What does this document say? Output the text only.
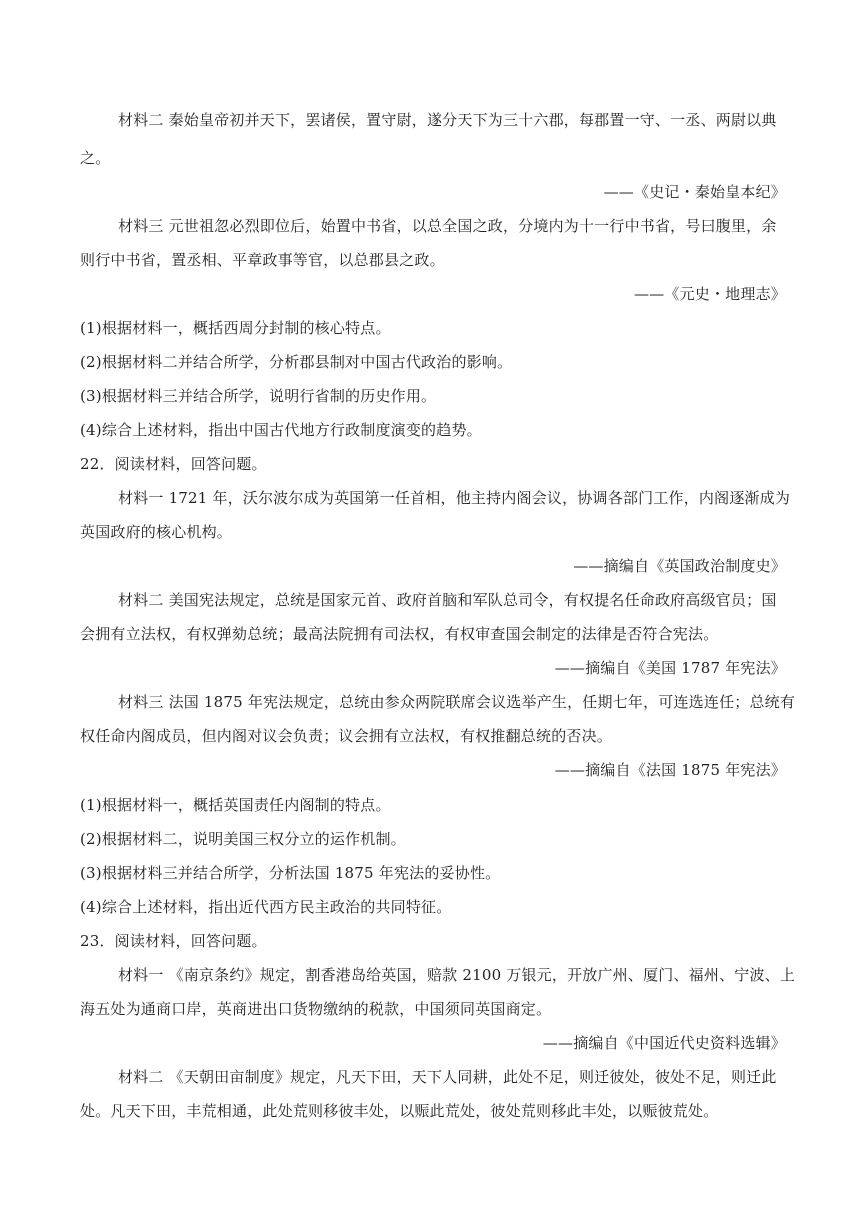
材料二 秦始皇帝初并天下，罢诸侯，置守尉，遂分天下为三十六郡，每郡置一守、一丞、两尉以典
之。
——《史记・秦始皇本纪》
材料三 元世祖忽必烈即位后，始置中书省，以总全国之政，分境内为十一行中书省，号曰腹里，余
则行中书省，置丞相、平章政事等官，以总郡县之政。
——《元史・地理志》
(1)根据材料一，概括西周分封制的核心特点。
(2)根据材料二并结合所学，分析郡县制对中国古代政治的影响。
(3)根据材料三并结合所学，说明行省制的历史作用。
(4)综合上述材料，指出中国古代地方行政制度演变的趋势。
22．阅读材料，回答问题。
材料一 1721 年，沃尔波尔成为英国第一任首相，他主持内阁会议，协调各部门工作，内阁逐渐成为
英国政府的核心机构。
——摘编自《英国政治制度史》
材料二 美国宪法规定，总统是国家元首、政府首脑和军队总司令，有权提名任命政府高级官员；国
会拥有立法权，有权弹劾总统；最高法院拥有司法权，有权审查国会制定的法律是否符合宪法。
——摘编自《美国 1787 年宪法》
材料三 法国 1875 年宪法规定，总统由参众两院联席会议选举产生，任期七年，可连选连任；总统有
权任命内阁成员，但内阁对议会负责；议会拥有立法权，有权推翻总统的否决。
——摘编自《法国 1875 年宪法》
(1)根据材料一，概括英国责任内阁制的特点。
(2)根据材料二，说明美国三权分立的运作机制。
(3)根据材料三并结合所学，分析法国 1875 年宪法的妥协性。
(4)综合上述材料，指出近代西方民主政治的共同特征。
23．阅读材料，回答问题。
材料一 《南京条约》规定，割香港岛给英国，赔款 2100 万银元，开放广州、厦门、福州、宁波、上
海五处为通商口岸，英商进出口货物缴纳的税款，中国须同英国商定。
——摘编自《中国近代史资料选辑》
材料二 《天朝田亩制度》规定，凡天下田，天下人同耕，此处不足，则迁彼处，彼处不足，则迁此
处。凡天下田，丰荒相通，此处荒则移彼丰处，以赈此荒处，彼处荒则移此丰处，以赈彼荒处。
